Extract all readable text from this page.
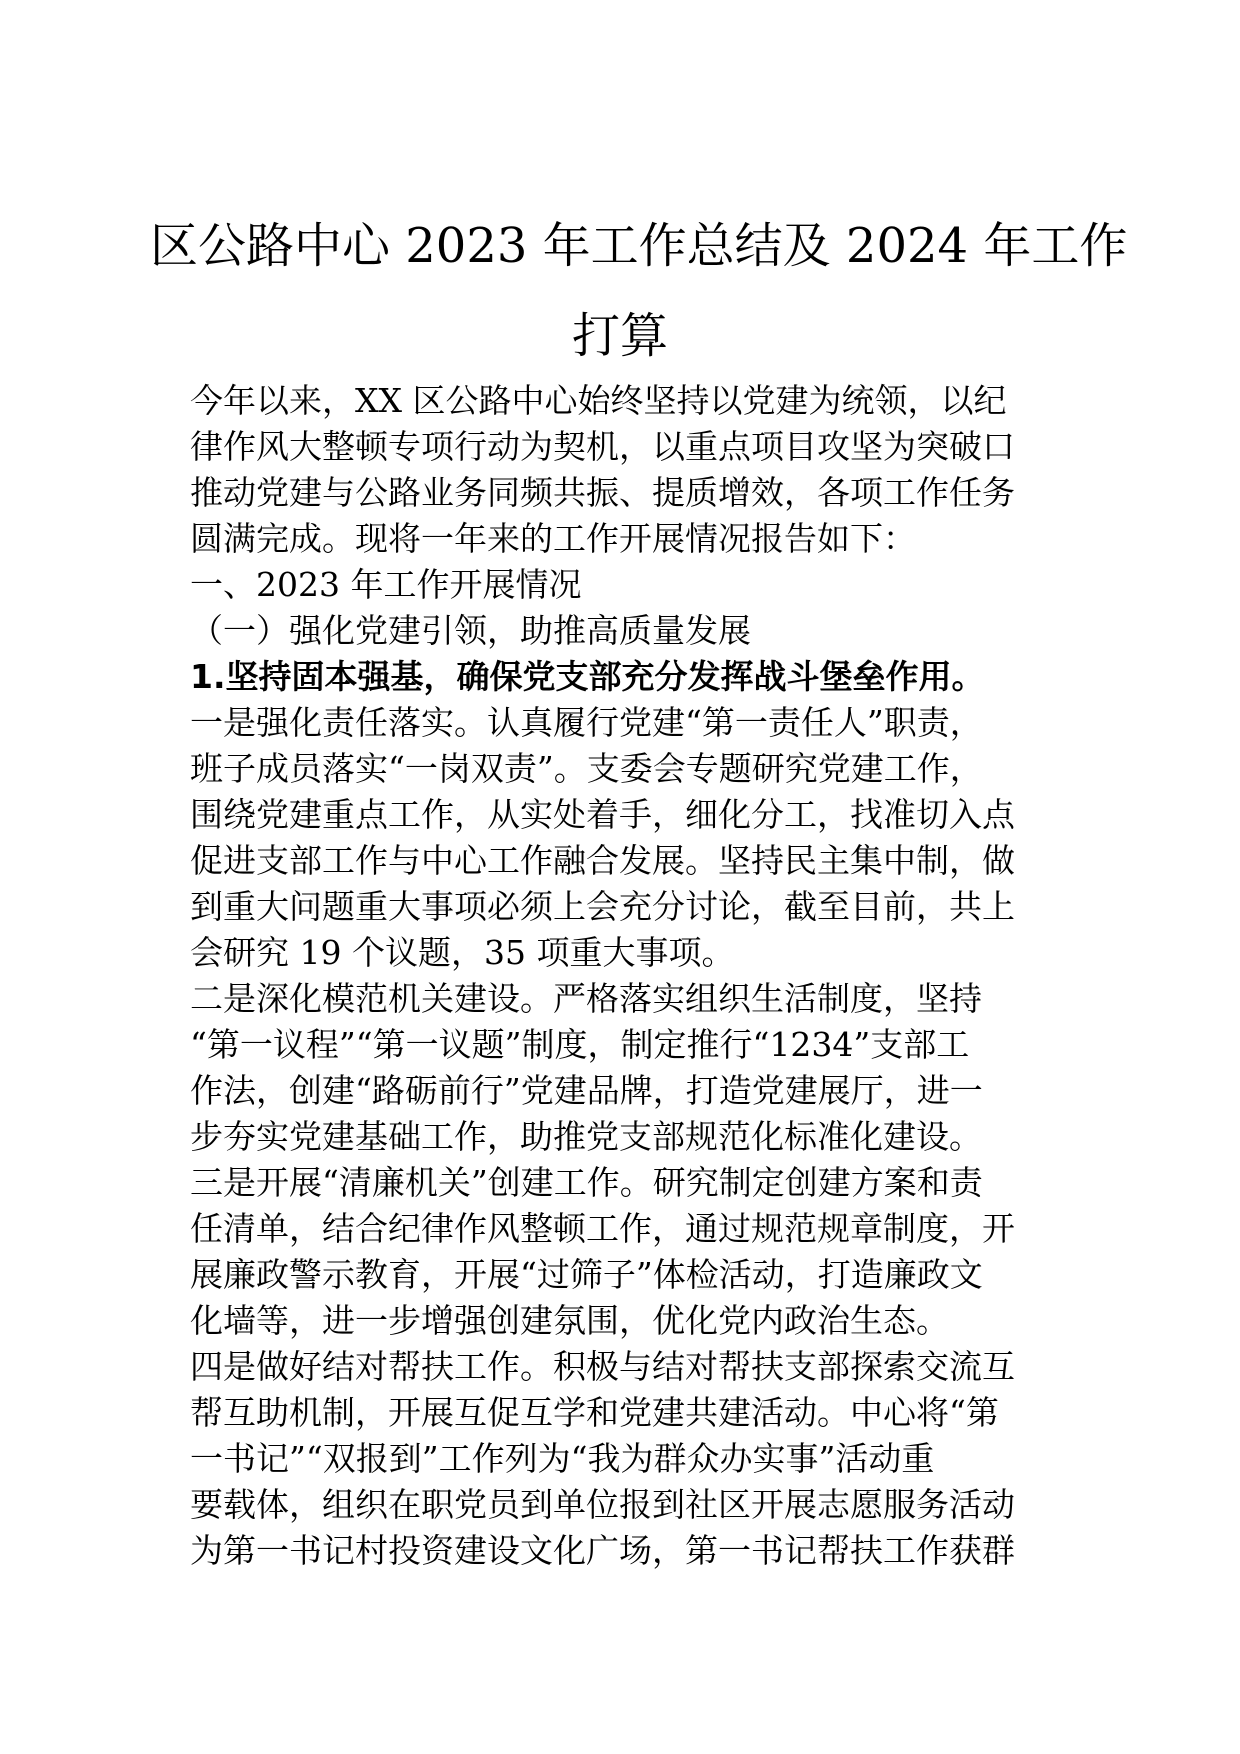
区公路中心 2023 年工作总结及 2024 年工作
打算

今年以来，XX 区公路中心始终坚持以党建为统领，以纪

律作风大整顿专项行动为契机，以重点项目攻坚为突破口

推动党建与公路业务同频共振、提质增效，各项工作任务

圆满完成。现将一年来的工作开展情况报告如下：

一、2023 年工作开展情况

（一）强化党建引领，助推高质量发展

1.坚持固本强基，确保党支部充分发挥战斗堡垒作用。

一是强化责任落实。认真履行党建“第一责任人”职责，

班子成员落实“一岗双责”。支委会专题研究党建工作，

围绕党建重点工作，从实处着手，细化分工，找准切入点

促进支部工作与中心工作融合发展。坚持民主集中制，做

到重大问题重大事项必须上会充分讨论，截至目前，共上

会研究 19 个议题，35 项重大事项。

二是深化模范机关建设。严格落实组织生活制度，坚持

“第一议程”“第一议题”制度，制定推行“1234”支部工

作法，创建“路砺前行”党建品牌，打造党建展厅，进一

步夯实党建基础工作，助推党支部规范化标准化建设。

三是开展“清廉机关”创建工作。研究制定创建方案和责

任清单，结合纪律作风整顿工作，通过规范规章制度，开

展廉政警示教育，开展“过筛子”体检活动，打造廉政文

化墙等，进一步增强创建氛围，优化党内政治生态。

四是做好结对帮扶工作。积极与结对帮扶支部探索交流互

帮互助机制，开展互促互学和党建共建活动。中心将“第

一书记”“双报到”工作列为“我为群众办实事”活动重

要载体，组织在职党员到单位报到社区开展志愿服务活动

为第一书记村投资建设文化广场，第一书记帮扶工作获群
